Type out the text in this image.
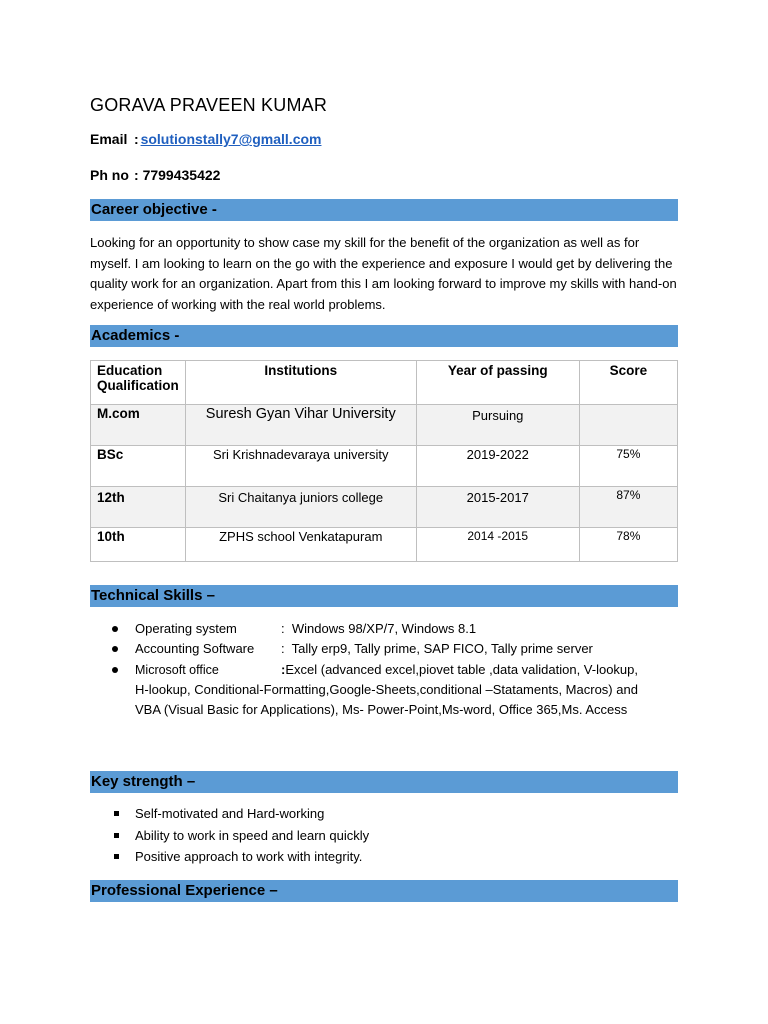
GORAVA PRAVEEN KUMAR
Email : solutionstally7@gmall.com
Ph no : 7799435422
Career objective -
Looking for an opportunity to show case my skill for the benefit of the organization as well as for myself. I am looking to learn on the go with the experience and exposure I would get by delivering the quality work for an organization. Apart from this I am looking forward to improve my skills with hand-on experience of working with the real world problems.
Academics -
Education Qualification	Institutions	Year of passing	Score
M.com	Suresh Gyan Vihar University	Pursuing	
BSc	Sri Krishnadevaraya university	2019-2022	75%
12th	Sri Chaitanya juniors college	2015-2017	87%
10th	ZPHS school Venkatapuram	2014 -2015	78%
Technical Skills –
Operating system	: Windows 98/XP/7, Windows 8.1
Accounting Software : Tally erp9, Tally prime, SAP FICO, Tally prime server
Microsoft office	:Excel (advanced excel,piovet table ,data validation, V-lookup, H-lookup, Conditional-Formatting,Google-Sheets,conditional –Stataments, Macros) and VBA (Visual Basic for Applications), Ms- Power-Point,Ms-word, Office 365,Ms. Access
Key strength –
Self-motivated and Hard-working
Ability to work in speed and learn quickly
Positive approach to work with integrity.
Professional Experience –
